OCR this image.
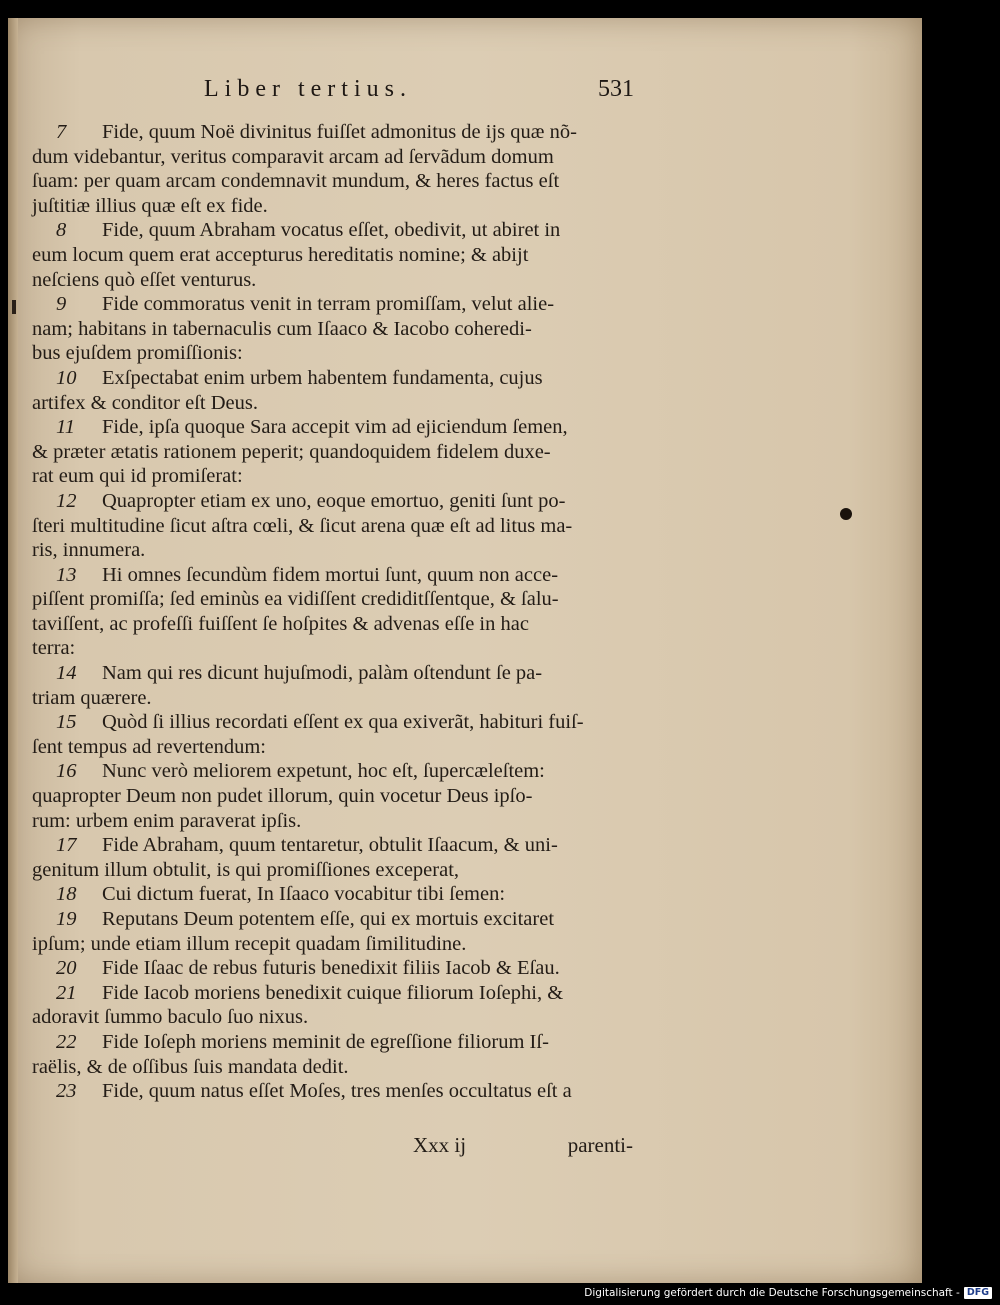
Liber tertius.	531
7 Fide, quum Noë divinitus fuiſſet admonitus de ijs quæ nõ-
dum videbantur, veritus comparavit arcam ad ſervãdum domum
ſuam: per quam arcam condemnavit mundum, & heres factus eſt
juſtitiæ illius quæ eſt ex fide.
8 Fide, quum Abraham vocatus eſſet, obedivit, ut abiret in
eum locum quem erat accepturus hereditatis nomine; & abijt
neſciens quò eſſet venturus.
9 Fide commoratus venit in terram promiſſam, velut alie-
nam; habitans in tabernaculis cum Iſaaco & Iacobo coheredi-
bus ejuſdem promiſſionis:
10 Exſpectabat enim urbem habentem fundamenta, cujus
artifex & conditor eſt Deus.
11 Fide, ipſa quoque Sara accepit vim ad ejiciendum ſemen,
& præter ætatis rationem peperit; quandoquidem fidelem duxe-
rat eum qui id promiſerat:
12 Quapropter etiam ex uno, eoque emortuo, geniti ſunt po-
ſteri multitudine ſicut aſtra cœli, & ſicut arena quæ eſt ad litus ma-
ris, innumera.
13 Hi omnes ſecundùm fidem mortui ſunt, quum non acce-
piſſent promiſſa; ſed eminùs ea vidiſſent crediditſſentque, & ſalu-
taviſſent, ac profeſſi fuiſſent ſe hoſpites & advenas eſſe in hac
terra:
14 Nam qui res dicunt hujuſmodi, palàm oſtendunt ſe pa-
triam quærere.
15 Quòd ſi illius recordati eſſent ex qua exiverãt, habituri fuiſ-
ſent tempus ad revertendum:
16 Nunc verò meliorem expetunt, hoc eſt, ſupercæleſtem:
quapropter Deum non pudet illorum, quin vocetur Deus ipſo-
rum: urbem enim paraverat ipſis.
17 Fide Abraham, quum tentaretur, obtulit Iſaacum, & uni-
genitum illum obtulit, is qui promiſſiones exceperat,
18 Cui dictum fuerat, In Iſaaco vocabitur tibi ſemen:
19 Reputans Deum potentem eſſe, qui ex mortuis excitaret
ipſum; unde etiam illum recepit quadam ſimilitudine.
20 Fide Iſaac de rebus futuris benedixit filiis Iacob & Eſau.
21 Fide Iacob moriens benedixit cuique filiorum Ioſephi, &
adoravit ſummo baculo ſuo nixus.
22 Fide Ioſeph moriens meminit de egreſſione filiorum Iſ-
raëlis, & de oſſibus ſuis mandata dedit.
23 Fide, quum natus eſſet Moſes, tres menſes occultatus eſt a
Xxx ij	parenti-
Digitalisierung gefördert durch die Deutsche Forschungsgemeinschaft - DFG
